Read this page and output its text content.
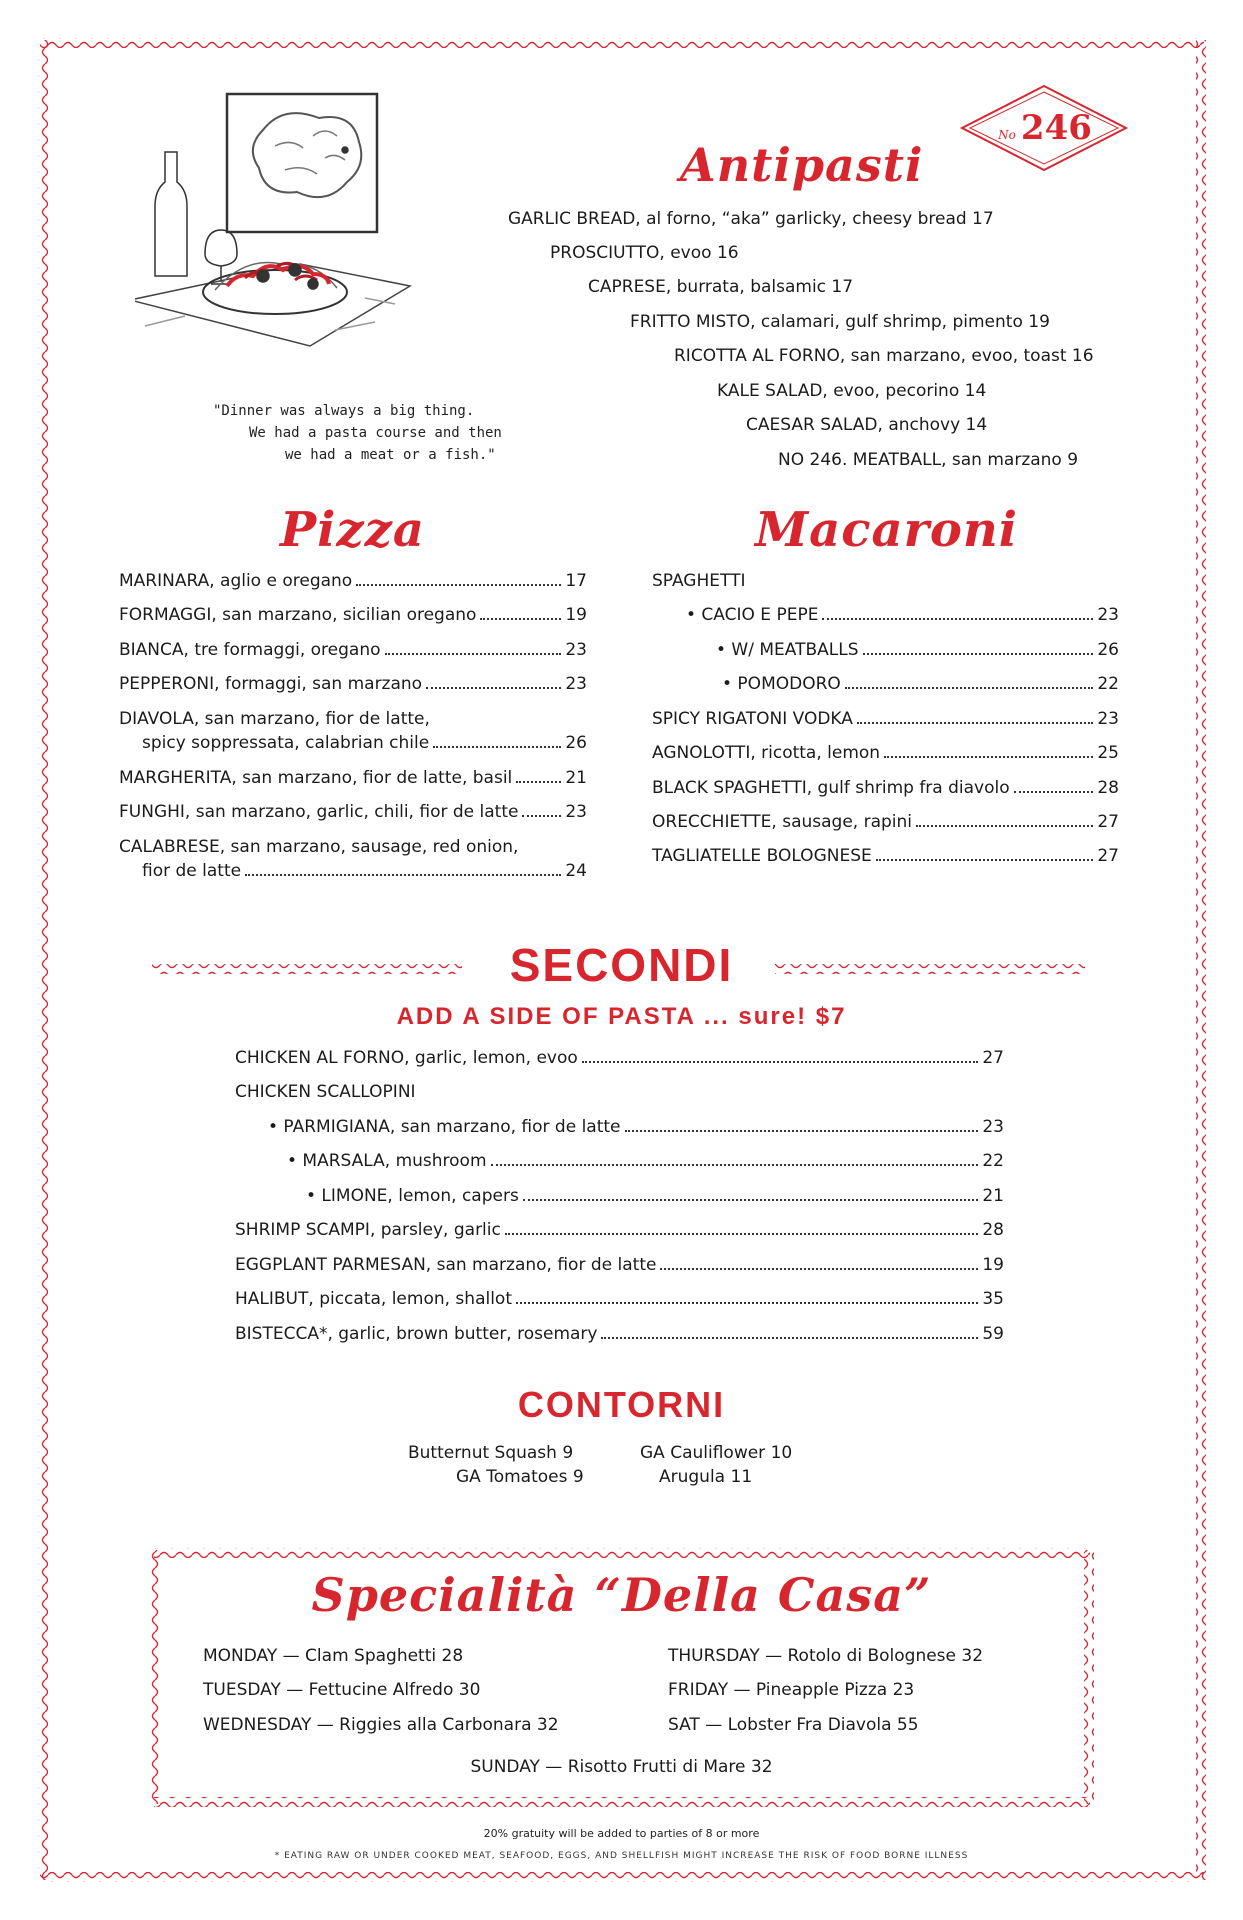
No 246
"Dinner was always a big thing.
We had a pasta course and then
we had a meat or a fish."
Antipasti
GARLIC BREAD, al forno, “aka” garlicky, cheesy bread 17
PROSCIUTTO, evoo 16
CAPRESE, burrata, balsamic 17
FRITTO MISTO, calamari, gulf shrimp, pimento 19
RICOTTA AL FORNO, san marzano, evoo, toast 16
KALE SALAD, evoo, pecorino 14
CAESAR SALAD, anchovy 14
NO 246. MEATBALL, san marzano 9
Pizza
MARINARA, aglio e oregano	17
FORMAGGI, san marzano, sicilian oregano	19
BIANCA, tre formaggi, oregano	23
PEPPERONI, formaggi, san marzano	23
DIAVOLA, san marzano, fior de latte,
spicy soppressata, calabrian chile	26
MARGHERITA, san marzano, fior de latte, basil	21
FUNGHI, san marzano, garlic, chili, fior de latte	23
CALABRESE, san marzano, sausage, red onion,
fior de latte	24
Macaroni
SPAGHETTI
• CACIO E PEPE	23
• W/ MEATBALLS	26
• POMODORO	22
SPICY RIGATONI VODKA	23
AGNOLOTTI, ricotta, lemon	25
BLACK SPAGHETTI, gulf shrimp fra diavolo	28
ORECCHIETTE, sausage, rapini	27
TAGLIATELLE BOLOGNESE	27
SECONDI
ADD A SIDE OF PASTA ... sure! $7
CHICKEN AL FORNO, garlic, lemon, evoo	27
CHICKEN SCALLOPINI
• PARMIGIANA, san marzano, fior de latte	23
• MARSALA, mushroom	22
• LIMONE, lemon, capers	21
SHRIMP SCAMPI, parsley, garlic	28
EGGPLANT PARMESAN, san marzano, fior de latte	19
HALIBUT, piccata, lemon, shallot	35
BISTECCA*, garlic, brown butter, rosemary	59
CONTORNI
Butternut Squash 9	GA Cauliflower 10
GA Tomatoes 9	Arugula 11
Specialità “Della Casa”
MONDAY — Clam Spaghetti 28	THURSDAY — Rotolo di Bolognese 32
TUESDAY — Fettucine Alfredo 30	FRIDAY — Pineapple Pizza 23
WEDNESDAY — Riggies alla Carbonara 32	SAT — Lobster Fra Diavola 55
SUNDAY — Risotto Frutti di Mare 32
20% gratuity will be added to parties of 8 or more
* EATING RAW OR UNDER COOKED MEAT, SEAFOOD, EGGS, AND SHELLFISH MIGHT INCREASE THE RISK OF FOOD BORNE ILLNESS
